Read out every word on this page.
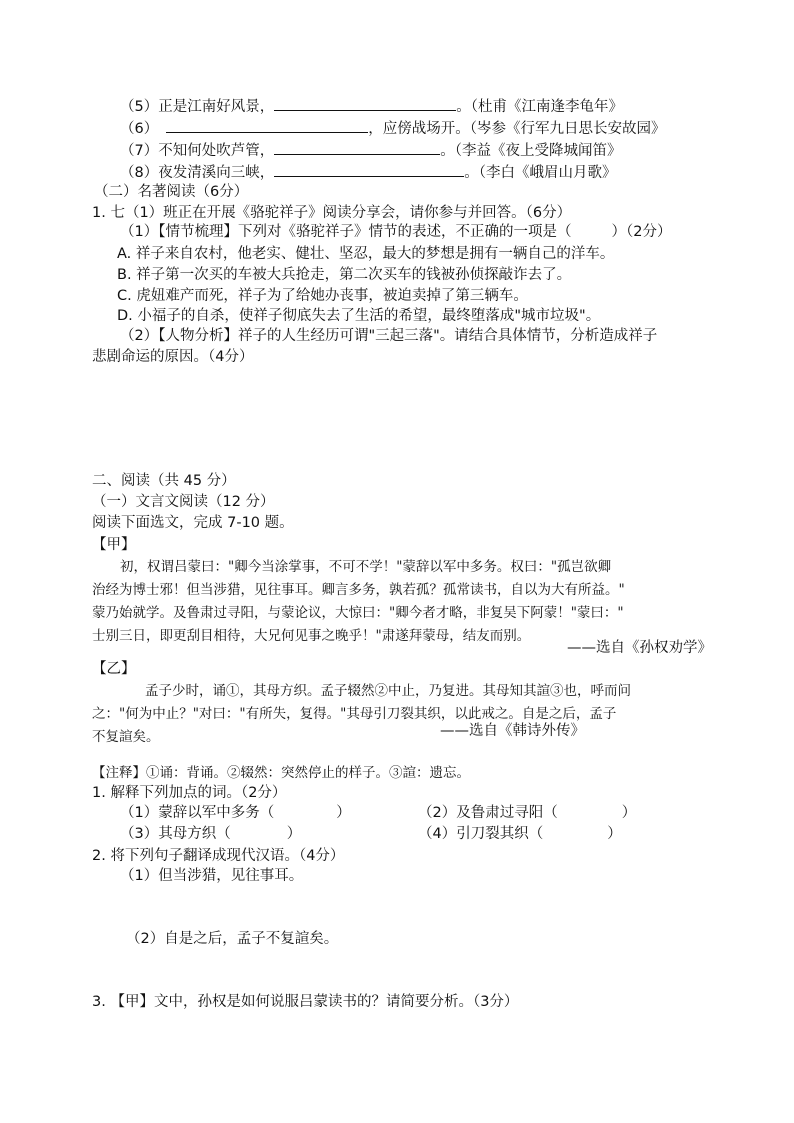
（5）正是江南好风景，	。（杜甫《江南逢李龟年》
（6）	，应傍战场开。（岑参《行军九日思长安故园》
（7）不知何处吹芦管，	。（李益《夜上受降城闻笛》
（8）夜发清溪向三峡，	。（李白《峨眉山月歌》
（二）名著阅读（6分）
1. 七（1）班正在开展《骆驼祥子》阅读分享会，请你参与并回答。（6分）
（1）【情节梳理】下列对《骆驼祥子》情节的表述，不正确的一项是（	）（2分）
A. 祥子来自农村，他老实、健壮、坚忍，最大的梦想是拥有一辆自己的洋车。
B. 祥子第一次买的车被大兵抢走，第二次买车的钱被孙侦探敲诈去了。
C. 虎妞难产而死，祥子为了给她办丧事，被迫卖掉了第三辆车。
D. 小福子的自杀，使祥子彻底失去了生活的希望，最终堕落成"城市垃圾"。
（2）【人物分析】祥子的人生经历可谓"三起三落"。请结合具体情节，分析造成祥子
悲剧命运的原因。（4分）
二、阅读（共 45 分）
（一）文言文阅读（12 分）
阅读下面选文，完成 7-10 题。
【甲】
初，权谓吕蒙曰："卿今当涂掌事，不可不学！"蒙辞以军中多务。权曰："孤岂欲卿
治经为博士邪！但当涉猎，见往事耳。卿言多务，孰若孤？孤常读书，自以为大有所益。"
蒙乃始就学。及鲁肃过寻阳，与蒙论议，大惊曰："卿今者才略，非复吴下阿蒙！"蒙曰："
士别三日，即更刮目相待，大兄何见事之晚乎！"肃遂拜蒙母，结友而别。
——选自《孙权劝学》
【乙】
孟子少时，诵①，其母方织。孟子辍然②中止，乃复进。其母知其諠③也，呼而问
之："何为中止？"对曰："有所失，复得。"其母引刀裂其织，以此戒之。自是之后，孟子
不复諠矣。	——选自《韩诗外传》
【注释】①诵：背诵。②辍然：突然停止的样子。③諠：遗忘。
1. 解释下列加点的词。（2分）
（1）蒙辞以军中多务（	）	（2）及鲁肃过寻阳（	）
（3）其母方织（	）	（4）引刀裂其织（	）
2. 将下列句子翻译成现代汉语。（4分）
（1）但当涉猎，见往事耳。
（2）自是之后，孟子不复諠矣。
3. 【甲】文中，孙权是如何说服吕蒙读书的？请简要分析。（3分）
